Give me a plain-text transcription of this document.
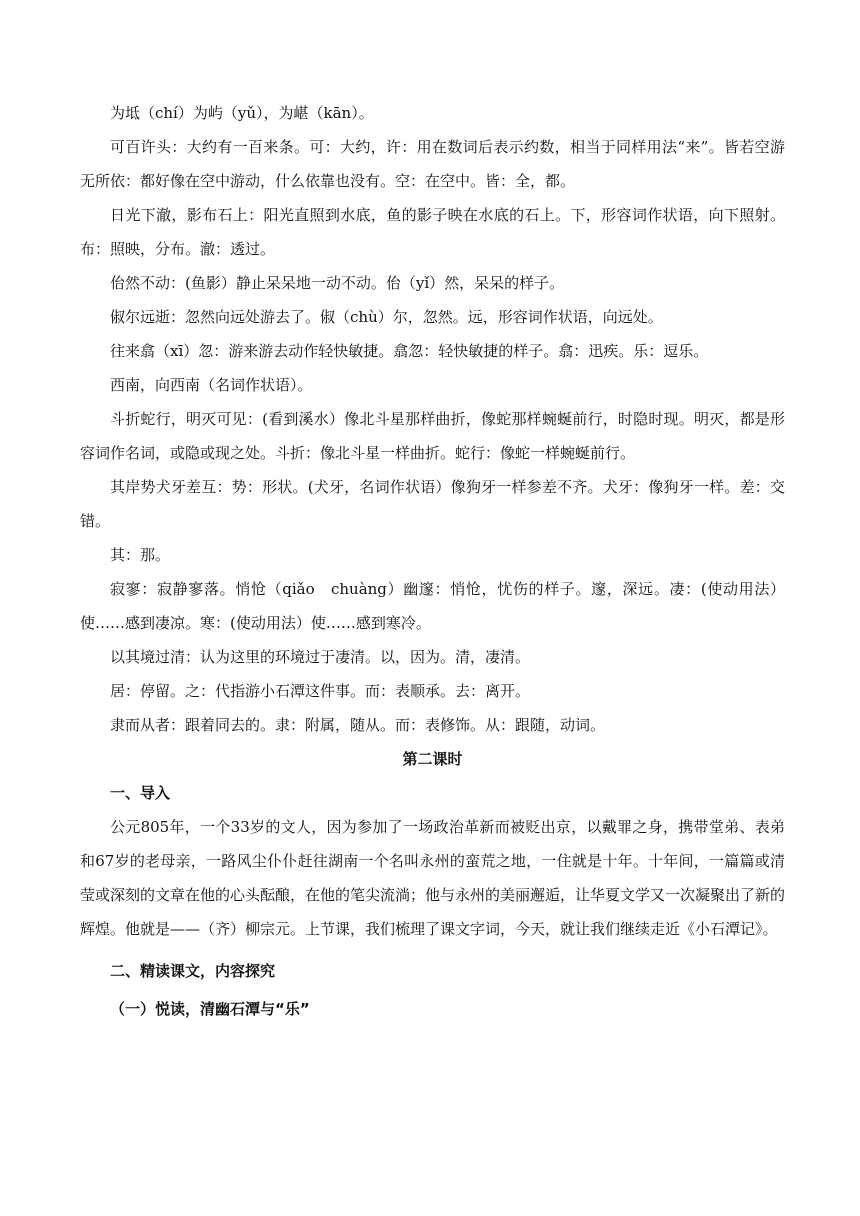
为坻（chí）为屿（yǔ），为嵁（kān）。

可百许头：大约有一百来条。可：大约，许：用在数词后表示约数，相当于同样用法“来”。皆若空游无所依：都好像在空中游动，什么依靠也没有。空：在空中。皆：全，都。

日光下澈，影布石上：阳光直照到水底，鱼的影子映在水底的石上。下，形容词作状语，向下照射。布：照映，分布。澈：透过。

佁然不动：(鱼影）静止呆呆地一动不动。佁（yǐ）然，呆呆的样子。

俶尔远逝：忽然向远处游去了。俶（chù）尔，忽然。远，形容词作状语，向远处。

往来翕（xī）忽：游来游去动作轻快敏捷。翕忽：轻快敏捷的样子。翕：迅疾。乐：逗乐。

西南，向西南（名词作状语）。

斗折蛇行，明灭可见：(看到溪水）像北斗星那样曲折，像蛇那样蜿蜒前行，时隐时现。明灭，都是形容词作名词，或隐或现之处。斗折：像北斗星一样曲折。蛇行：像蛇一样蜿蜒前行。

其岸势犬牙差互：势：形状。(犬牙，名词作状语）像狗牙一样参差不齐。犬牙：像狗牙一样。差：交错。

其：那。

寂寥：寂静寥落。悄怆（qiǎo　chuàng）幽邃：悄怆，忧伤的样子。邃，深远。凄：(使动用法）使……感到凄凉。寒：(使动用法）使……感到寒冷。

以其境过清：认为这里的环境过于凄清。以，因为。清，凄清。

居：停留。之：代指游小石潭这件事。而：表顺承。去：离开。

隶而从者：跟着同去的。隶：附属，随从。而：表修饰。从：跟随，动词。

第二课时

一、导入

公元805年，一个33岁的文人，因为参加了一场政治革新而被贬出京，以戴罪之身，携带堂弟、表弟和67岁的老母亲，一路风尘仆仆赶往湖南一个名叫永州的蛮荒之地，一住就是十年。十年间，一篇篇或清莹或深刻的文章在他的心头酝酿，在他的笔尖流淌；他与永州的美丽邂逅，让华夏文学又一次凝聚出了新的辉煌。他就是——（齐）柳宗元。上节课，我们梳理了课文字词，今天，就让我们继续走近《小石潭记》。

二、精读课文，内容探究

（一）悦读，清幽石潭与“乐”
